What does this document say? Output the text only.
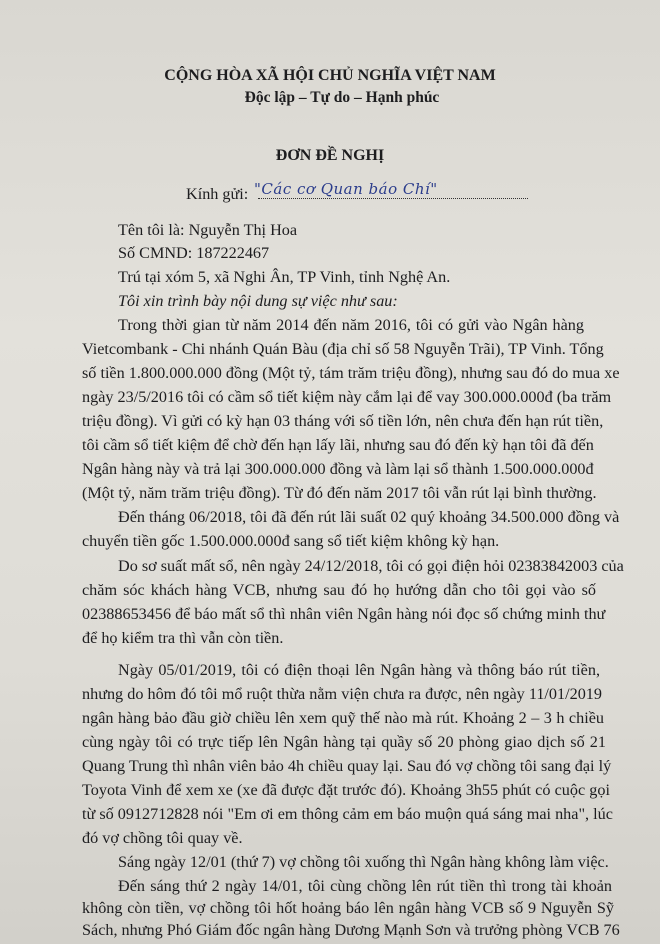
CỘNG HÒA XÃ HỘI CHỦ NGHĨA VIỆT NAM
Độc lập – Tự do – Hạnh phúc
ĐƠN ĐỀ NGHỊ
Kính gửi: "Các cơ Quan báo Chí"
Tên tôi là: Nguyễn Thị Hoa
Số CMND: 187222467
Trú tại xóm 5, xã Nghi Ân, TP Vinh, tỉnh Nghệ An.
Tôi xin trình bày nội dung sự việc như sau:
Trong thời gian từ năm 2014 đến năm 2016, tôi có gửi vào Ngân hàng
Vietcombank - Chi nhánh Quán Bàu (địa chỉ số 58 Nguyễn Trãi), TP Vinh. Tổng
số tiền 1.800.000.000 đồng (Một tỷ, tám trăm triệu đồng), nhưng sau đó do mua xe
ngày 23/5/2016 tôi có cầm sổ tiết kiệm này cắm lại để vay 300.000.000đ (ba trăm
triệu đồng). Vì gửi có kỳ hạn 03 tháng với số tiền lớn, nên chưa đến hạn rút tiền,
tôi cầm sổ tiết kiệm để chờ đến hạn lấy lãi, nhưng sau đó đến kỳ hạn tôi đã đến
Ngân hàng này và trả lại 300.000.000 đồng và làm lại sổ thành 1.500.000.000đ
(Một tỷ, năm trăm triệu đồng). Từ đó đến năm 2017 tôi vẫn rút lại bình thường.
Đến tháng 06/2018, tôi đã đến rút lãi suất 02 quý khoảng 34.500.000 đồng và
chuyển tiền gốc 1.500.000.000đ sang sổ tiết kiệm không kỳ hạn.
Do sơ suất mất sổ, nên ngày 24/12/2018, tôi có gọi điện hỏi 02383842003 của
chăm sóc khách hàng VCB, nhưng sau đó họ hướng dẫn cho tôi gọi vào số
02388653456 để báo mất sổ thì nhân viên Ngân hàng nói đọc số chứng minh thư
để họ kiểm tra thì vẫn còn tiền.
Ngày 05/01/2019, tôi có điện thoại lên Ngân hàng và thông báo rút tiền,
nhưng do hôm đó tôi mổ ruột thừa nằm viện chưa ra được, nên ngày 11/01/2019
ngân hàng bảo đầu giờ chiều lên xem quỹ thế nào mà rút. Khoảng 2 – 3 h chiều
cùng ngày tôi có trực tiếp lên Ngân hàng tại quầy số 20 phòng giao dịch số 21
Quang Trung thì nhân viên bảo 4h chiều quay lại. Sau đó vợ chồng tôi sang đại lý
Toyota Vinh để xem xe (xe đã được đặt trước đó). Khoảng 3h55 phút có cuộc gọi
từ số 0912712828 nói "Em ơi em thông cảm em báo muộn quá sáng mai nha", lúc
đó vợ chồng tôi quay về.
Sáng ngày 12/01 (thứ 7) vợ chồng tôi xuống thì Ngân hàng không làm việc.
Đến sáng thứ 2 ngày 14/01, tôi cùng chồng lên rút tiền thì trong tài khoản
không còn tiền, vợ chồng tôi hốt hoảng báo lên ngân hàng VCB số 9 Nguyễn Sỹ
Sách, nhưng Phó Giám đốc ngân hàng Dương Mạnh Sơn và trưởng phòng VCB 76
